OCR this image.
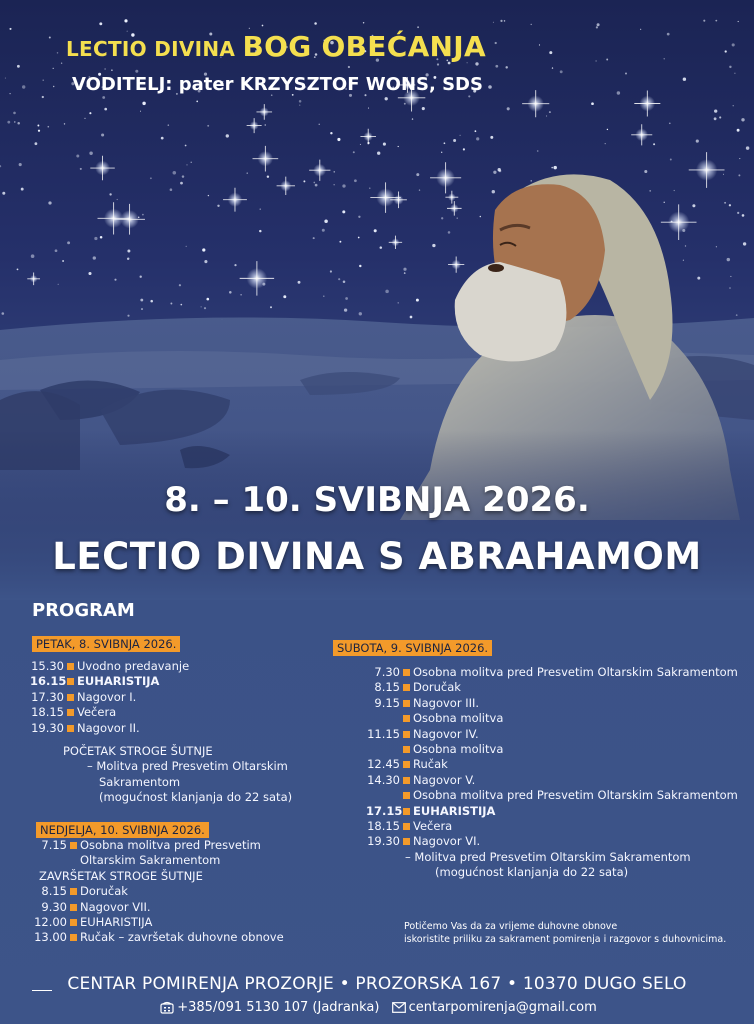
LECTIO DIVINA BOG OBEĆANJA
VODITELJ: pater KRZYSZTOF WONS, SDS
8. – 10. SVIBNJA 2026.
LECTIO DIVINA S ABRAHAMOM
PROGRAM
PETAK, 8. SVIBNJA 2026.
15.30 Uvodno predavanje
16.15 EUHARISTIJA
17.30 Nagovor I.
18.15 Večera
19.30 Nagovor II.
POČETAK STROGE ŠUTNJE
– Molitva pred Presvetim Oltarskim
Sakramentom
(mogućnost klanjanja do 22 sata)
NEDJELJA, 10. SVIBNJA 2026.
7.15 Osobna molitva pred Presvetim
Oltarskim Sakramentom
ZAVRŠETAK STROGE ŠUTNJE
8.15 Doručak
9.30 Nagovor VII.
12.00 EUHARISTIJA
13.00 Ručak – završetak duhovne obnove
SUBOTA, 9. SVIBNJA 2026.
7.30 Osobna molitva pred Presvetim Oltarskim Sakramentom
8.15 Doručak
9.15 Nagovor III.
Osobna molitva
11.15 Nagovor IV.
Osobna molitva
12.45 Ručak
14.30 Nagovor V.
Osobna molitva pred Presvetim Oltarskim Sakramentom
17.15 EUHARISTIJA
18.15 Večera
19.30 Nagovor VI.
– Molitva pred Presvetim Oltarskim Sakramentom
(mogućnost klanjanja do 22 sata)
Potičemo Vas da za vrijeme duhovne obnove
iskoristite priliku za sakrament pomirenja i razgovor s duhovnicima.
CENTAR POMIRENJA PROZORJE • PROZORSKA 167 • 10370 DUGO SELO
+385/091 5130 107 (Jadranka) centarpomirenja@gmail.com
